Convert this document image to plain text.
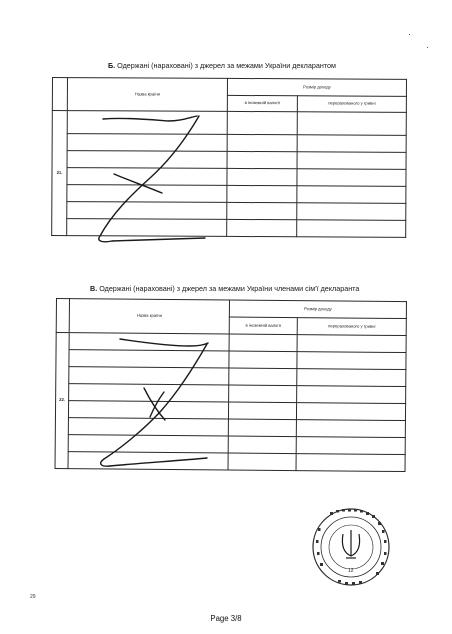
Б. Одержані (нараховані) з джерел за межами України декларантом
	Назва країни	Розмір доходу	
		в іноземній валюті	перерахованого у гривні
21.			

В. Одержані (нараховані) з джерел за межами України членами сім'ї декларанта
	Назва країни	Розмір доходу	
		в іноземній валюті	перерахованого у гривні
22.			

12
29
Page 3/8
